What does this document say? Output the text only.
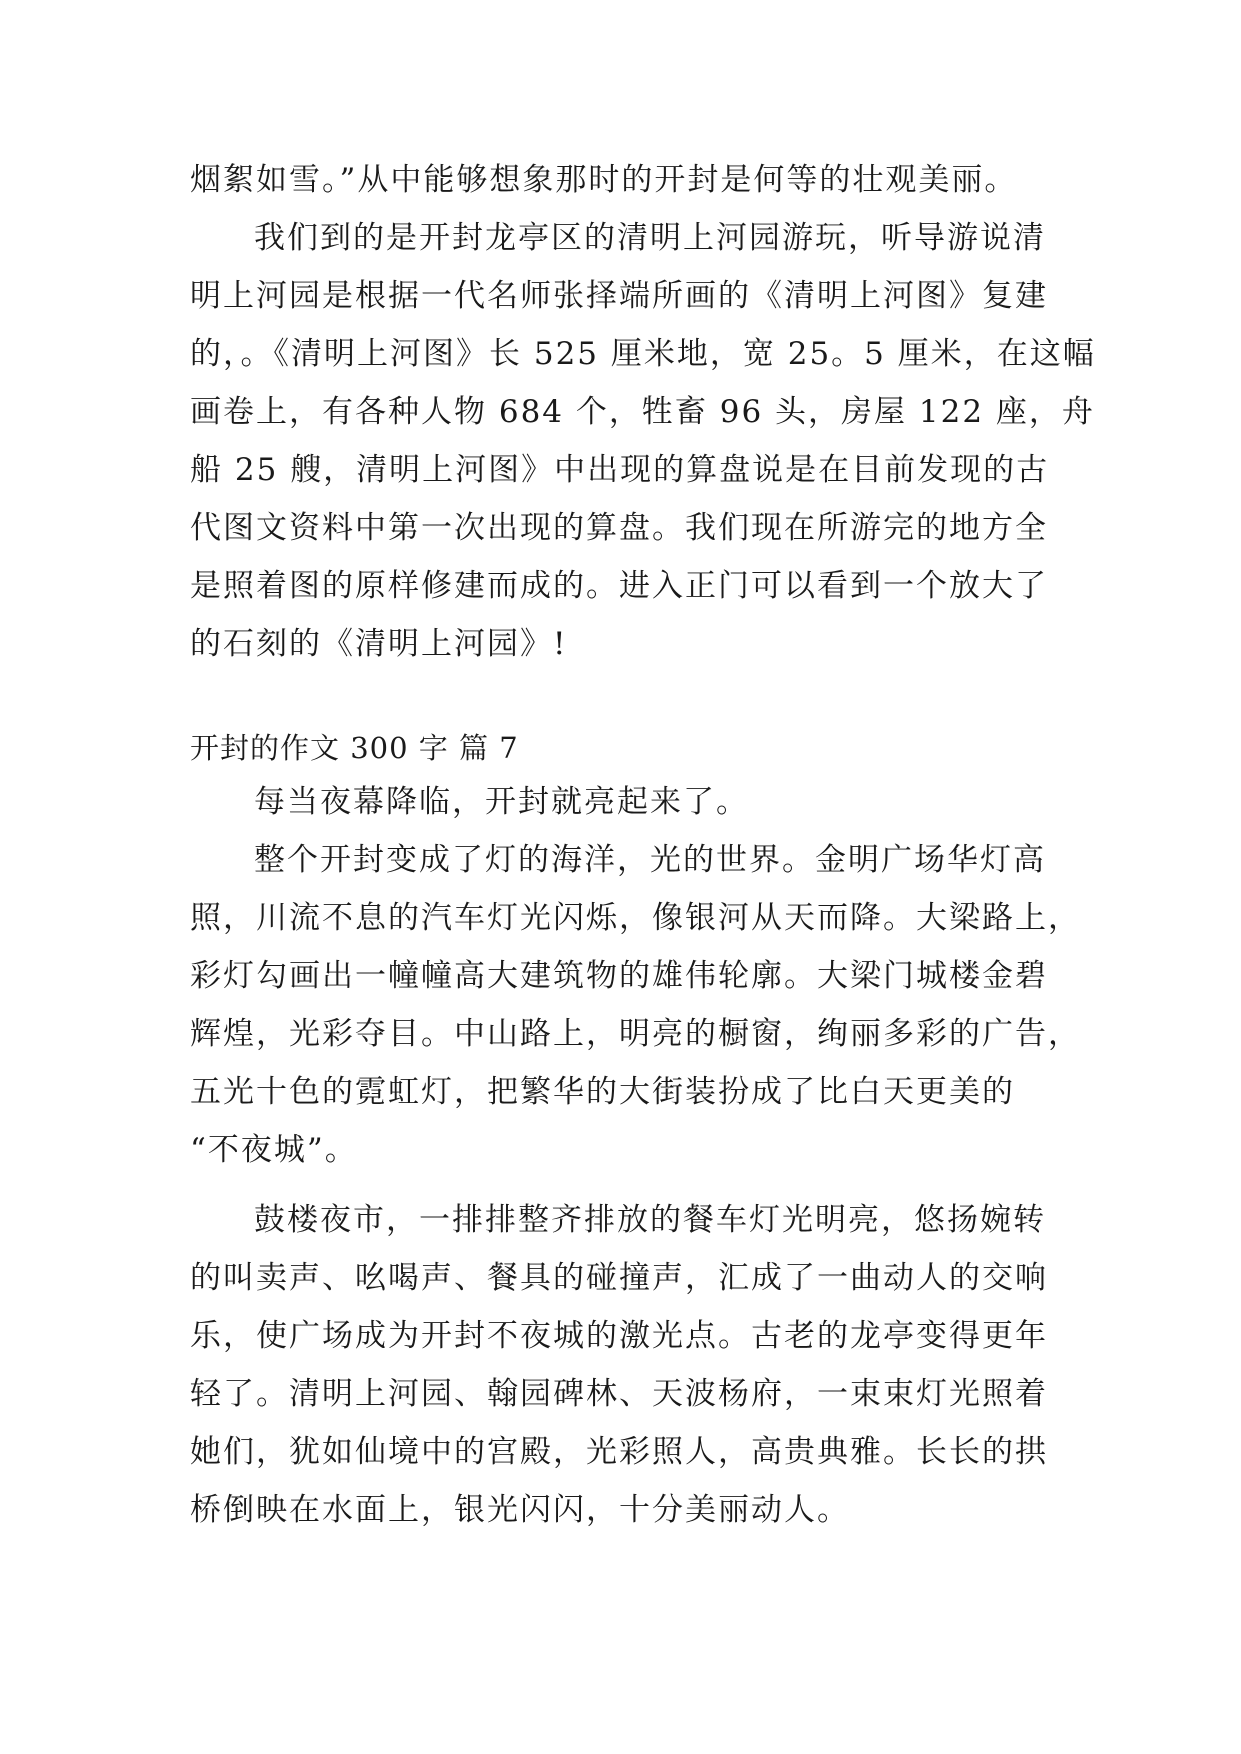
烟絮如雪。”从中能够想象那时的开封是何等的壮观美丽。
我们到的是开封龙亭区的清明上河园游玩，听导游说清
明上河园是根据一代名师张择端所画的《清明上河图》复建
的，。《清明上河图》长 525 厘米地，宽 25。5 厘米，在这幅
画卷上，有各种人物 684 个，牲畜 96 头，房屋 122 座，舟
船 25 艘，清明上河图》中出现的算盘说是在目前发现的古
代图文资料中第一次出现的算盘。我们现在所游完的地方全
是照着图的原样修建而成的。进入正门可以看到一个放大了
的石刻的《清明上河园》!
开封的作文 300 字 篇 7
每当夜幕降临，开封就亮起来了。
整个开封变成了灯的海洋，光的世界。金明广场华灯高
照，川流不息的汽车灯光闪烁，像银河从天而降。大梁路上，
彩灯勾画出一幢幢高大建筑物的雄伟轮廓。大梁门城楼金碧
辉煌，光彩夺目。中山路上，明亮的橱窗，绚丽多彩的广告，
五光十色的霓虹灯，把繁华的大街装扮成了比白天更美的
“不夜城”。
鼓楼夜市，一排排整齐排放的餐车灯光明亮，悠扬婉转
的叫卖声、吆喝声、餐具的碰撞声，汇成了一曲动人的交响
乐，使广场成为开封不夜城的激光点。古老的龙亭变得更年
轻了。清明上河园、翰园碑林、天波杨府，一束束灯光照着
她们，犹如仙境中的宫殿，光彩照人，高贵典雅。长长的拱
桥倒映在水面上，银光闪闪，十分美丽动人。
